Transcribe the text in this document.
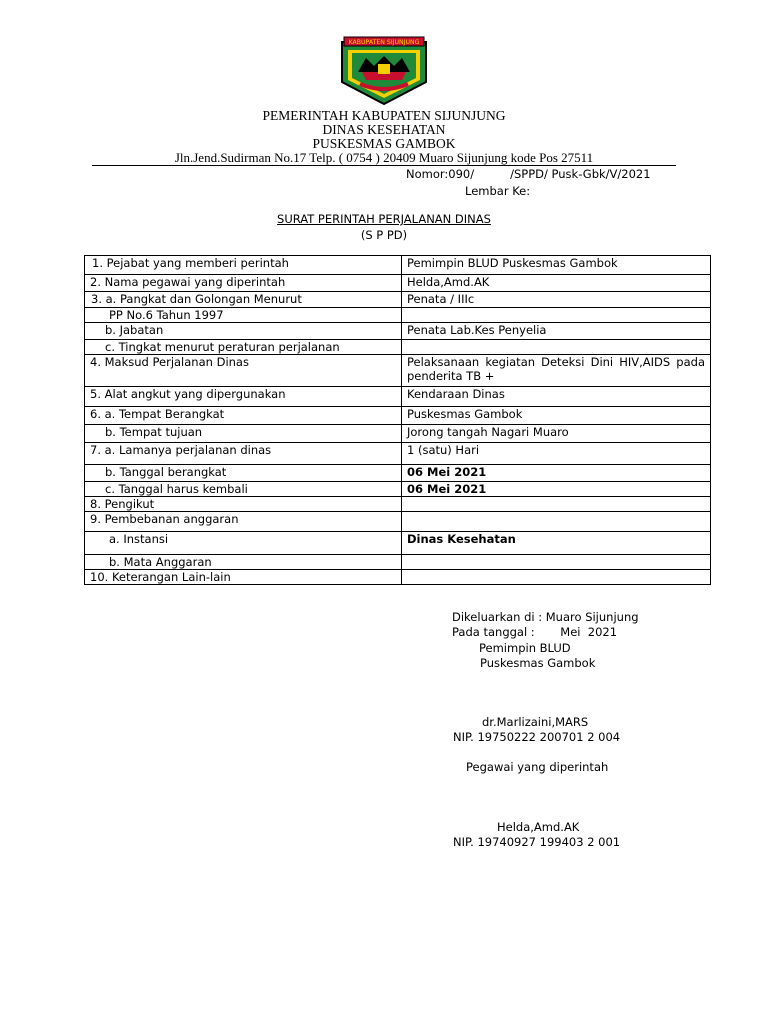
KABUPATEN SIJUNJUNG
PEMERINTAH KABUPATEN SIJUNJUNG
DINAS KESEHATAN
PUSKESMAS GAMBOK
Jln.Jend.Sudirman No.17 Telp. ( 0754 ) 20409 Muaro Sijunjung kode Pos 27511
Nomor:090/	/SPPD/ Pusk-Gbk/V/2021
Lembar Ke:
SURAT PERINTAH PERJALANAN DINAS
(S P PD)
1. Pejabat yang memberi perintah	Pemimpin BLUD Puskesmas Gambok
2. Nama pegawai yang diperintah	Helda,Amd.AK
3. a. Pangkat dan Golongan Menurut	Penata / IIIc
PP No.6 Tahun 1997	
b. Jabatan	Penata Lab.Kes Penyelia
c. Tingkat menurut peraturan perjalanan	
4. Maksud Perjalanan Dinas	Pelaksanaan kegiatan Deteksi Dini HIV,AIDS pada penderita TB +
5. Alat angkut yang dipergunakan	Kendaraan Dinas
6. a. Tempat Berangkat	Puskesmas Gambok
b. Tempat tujuan	Jorong tangah Nagari Muaro
7. a. Lamanya perjalanan dinas	1 (satu) Hari
b. Tanggal berangkat	06 Mei 2021
c. Tanggal harus kembali	06 Mei 2021
8. Pengikut	
9. Pembebanan anggaran	
a. Instansi	Dinas Kesehatan
b. Mata Anggaran	
10. Keterangan Lain-lain	
Dikeluarkan di : Muaro Sijunjung
Pada tanggal :       Mei  2021
Pemimpin BLUD
Puskesmas Gambok
dr.Marlizaini,MARS
NIP. 19750222 200701 2 004
Pegawai yang diperintah
Helda,Amd.AK
NIP. 19740927 199403 2 001
